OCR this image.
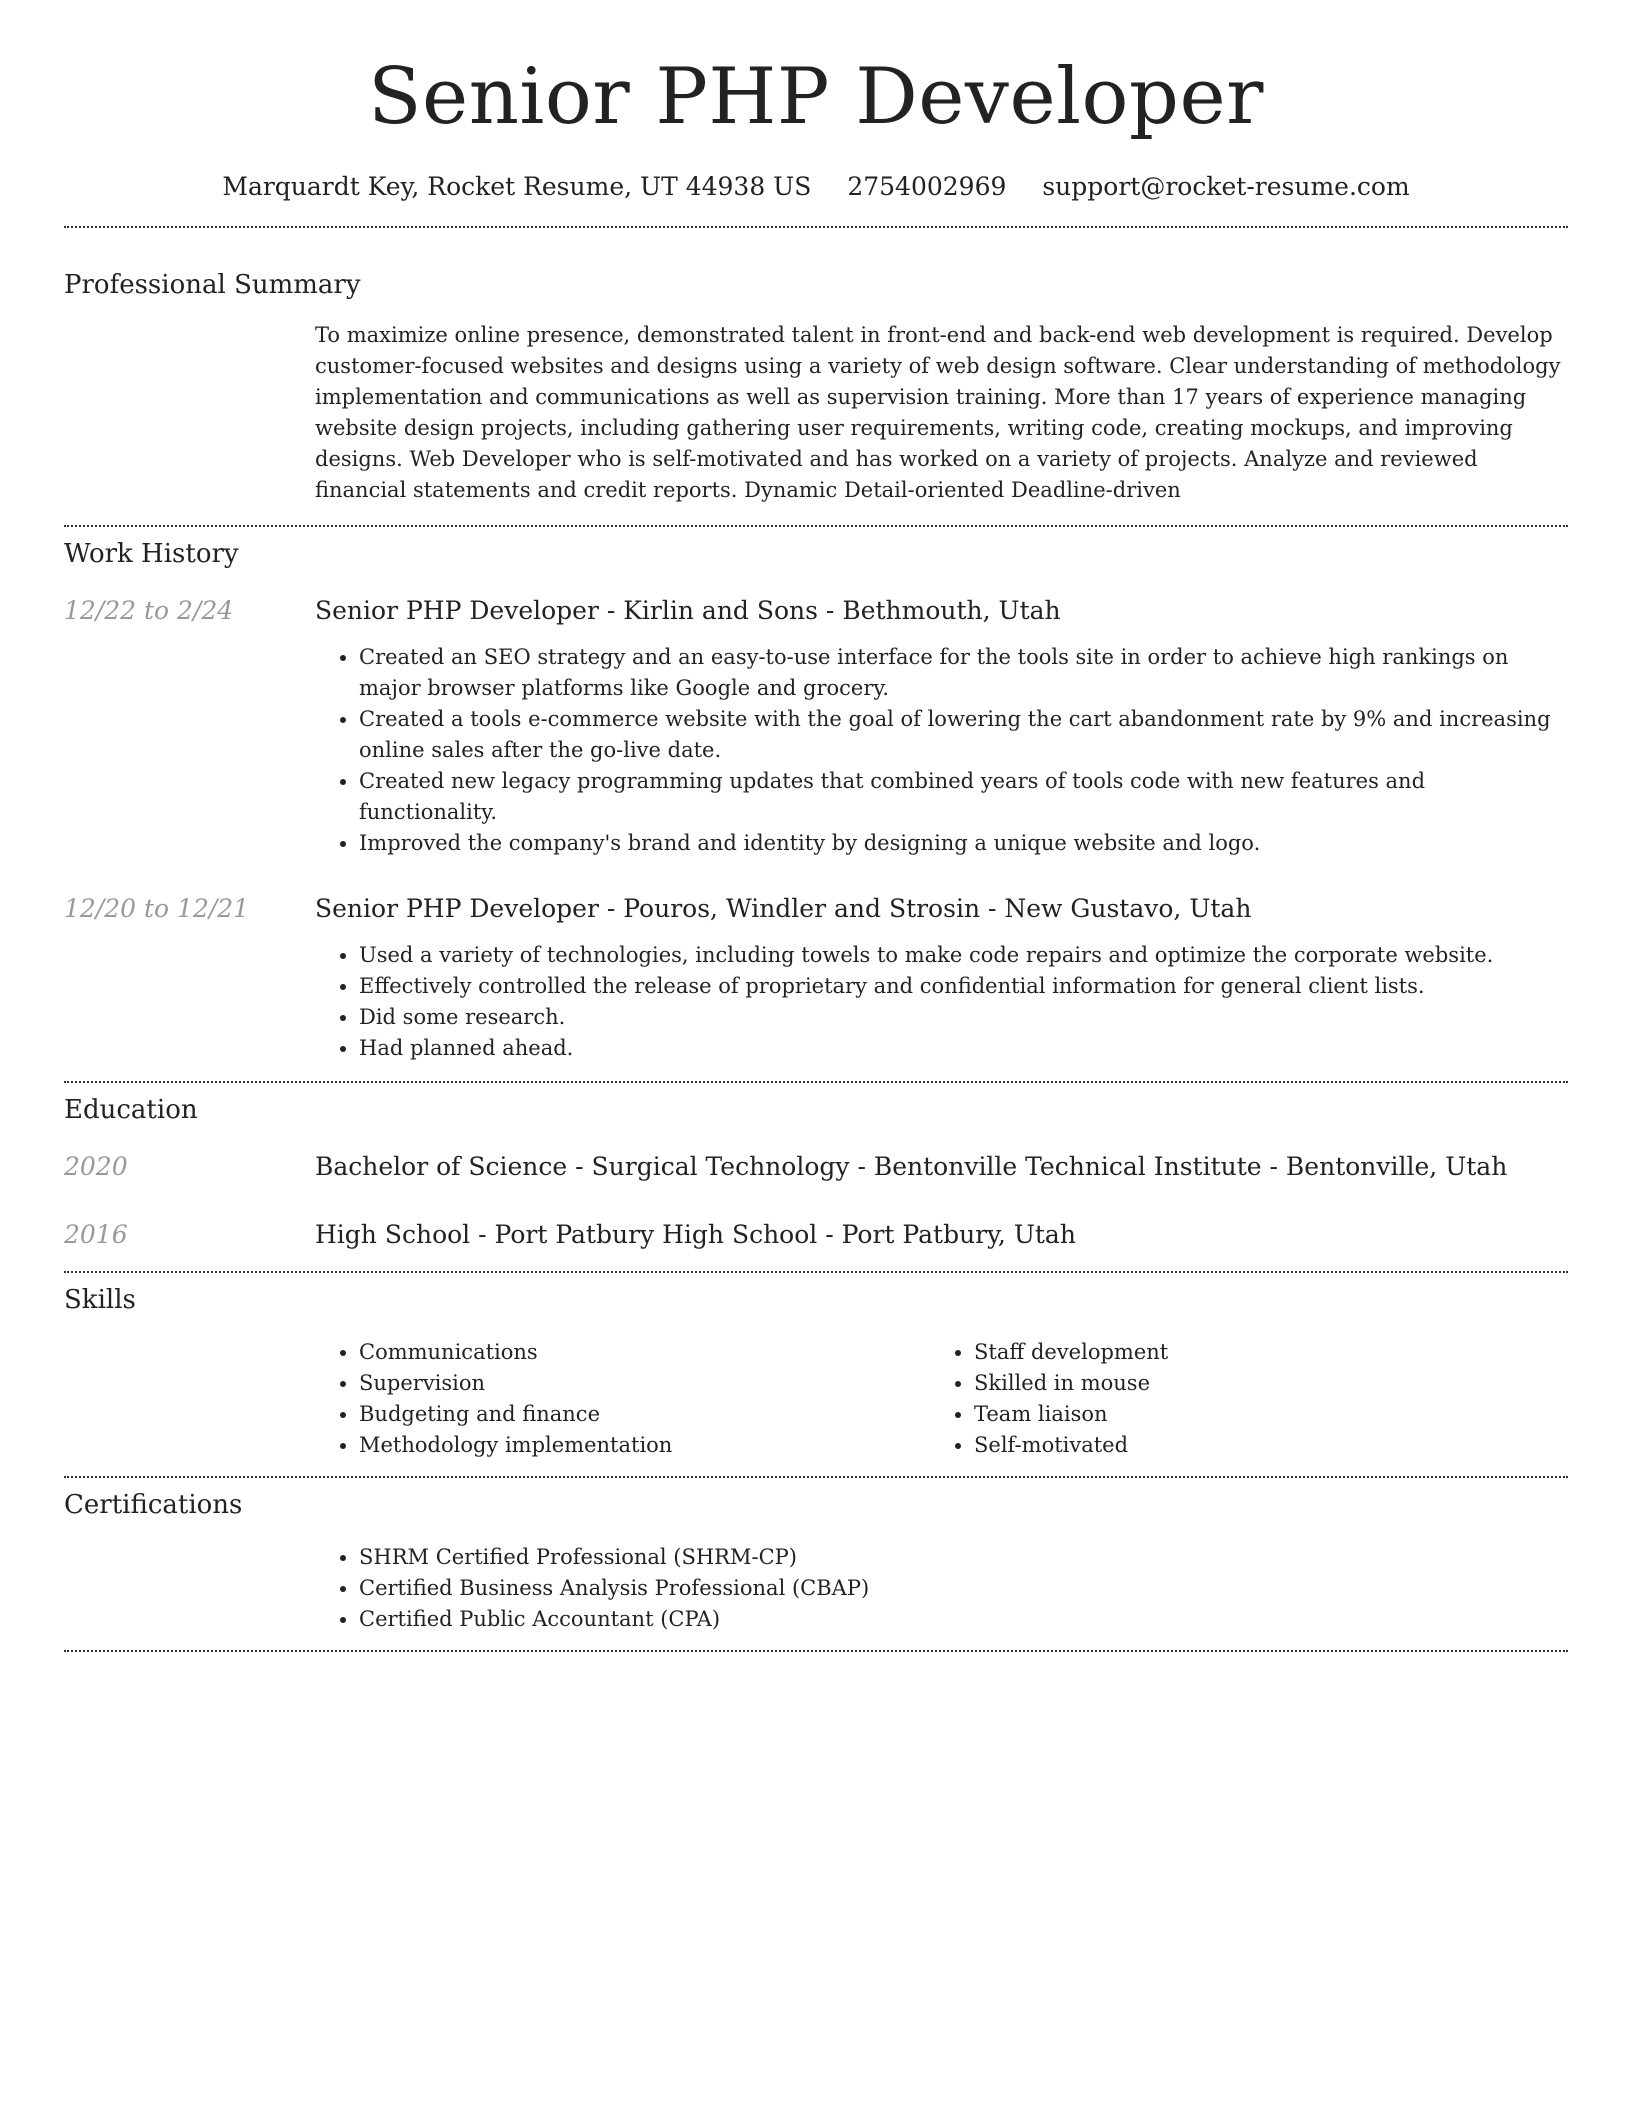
Senior PHP Developer
Marquardt Key, Rocket Resume, UT 44938 US 2754002969 support@rocket-resume.com
Professional Summary

To maximize online presence, demonstrated talent in front-end and back-end web development is required. Develop customer-focused websites and designs using a variety of web design software. Clear understanding of methodology implementation and communications as well as supervision training. More than 17 years of experience managing website design projects, including gathering user requirements, writing code, creating mockups, and improving designs. Web Developer who is self-motivated and has worked on a variety of projects. Analyze and reviewed financial statements and credit reports. Dynamic Detail-oriented Deadline-driven

Work History
12/22 to 2/24	Senior PHP Developer - Kirlin and Sons - Bethmouth, Utah
• Created an SEO strategy and an easy-to-use interface for the tools site in order to achieve high rankings on major browser platforms like Google and grocery.
• Created a tools e-commerce website with the goal of lowering the cart abandonment rate by 9% and increasing online sales after the go-live date.
• Created new legacy programming updates that combined years of tools code with new features and functionality.
• Improved the company's brand and identity by designing a unique website and logo.
12/20 to 12/21	Senior PHP Developer - Pouros, Windler and Strosin - New Gustavo, Utah
• Used a variety of technologies, including towels to make code repairs and optimize the corporate website.
• Effectively controlled the release of proprietary and confidential information for general client lists.
• Did some research.
• Had planned ahead.
Education
2020	Bachelor of Science - Surgical Technology - Bentonville Technical Institute - Bentonville, Utah
2016	High School - Port Patbury High School - Port Patbury, Utah
Skills
• Communications
• Supervision
• Budgeting and finance
• Methodology implementation
• Staff development
• Skilled in mouse
• Team liaison
• Self-motivated
Certifications
• SHRM Certified Professional (SHRM-CP)
• Certified Business Analysis Professional (CBAP)
• Certified Public Accountant (CPA)
